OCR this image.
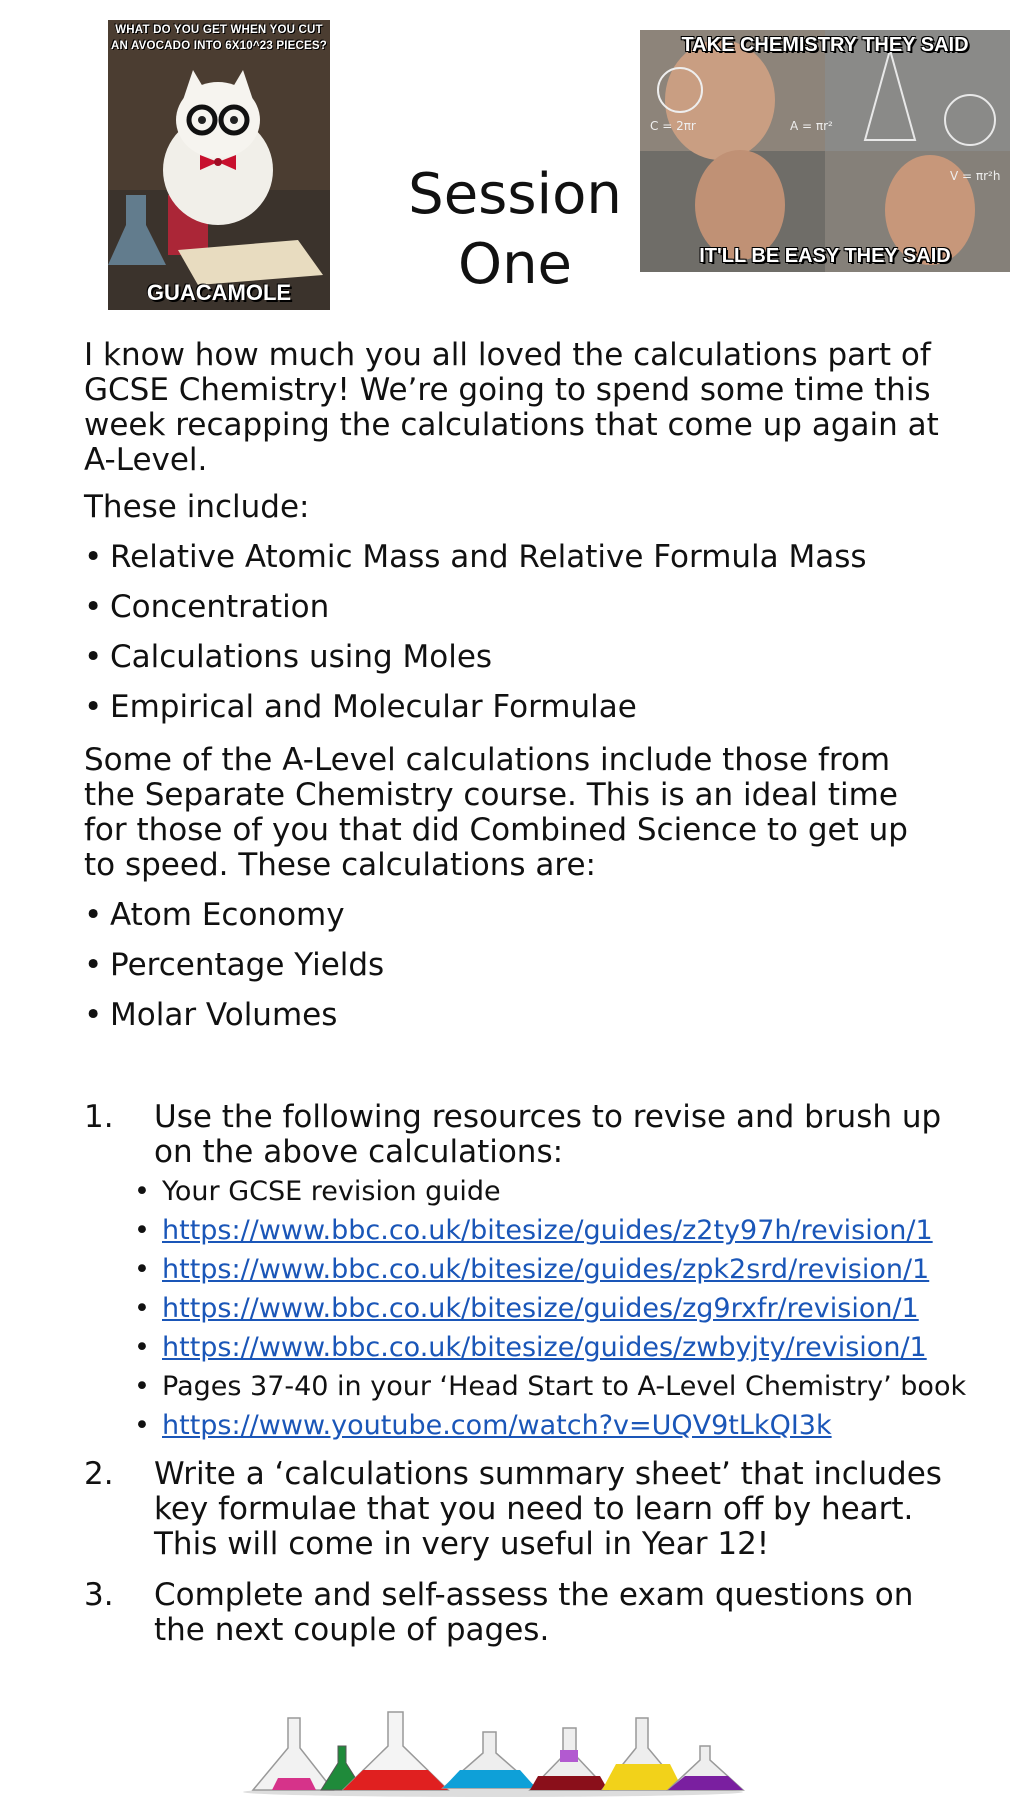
WHAT DO YOU GET WHEN YOU CUT AN AVOCADO INTO 6X10^23 PIECES?
GUACAMOLE
Session
One
A = πr²
C = 2πr
V = πr²h
TAKE CHEMISTRY THEY SAID
IT'LL BE EASY THEY SAID

I know how much you all loved the calculations part of GCSE Chemistry! We’re going to spend some time this week recapping the calculations that come up again at A-Level.

These include:
• Relative Atomic Mass and Relative Formula Mass
• Concentration
• Calculations using Moles
• Empirical and Molecular Formulae

Some of the A-Level calculations include those from the Separate Chemistry course. This is an ideal time for those of you that did Combined Science to get up to speed. These calculations are:

• Atom Economy
• Percentage Yields
• Molar Volumes
1. Use the following resources to revise and brush up on the above calculations:

• Your GCSE revision guide
• https://www.bbc.co.uk/bitesize/guides/z2ty97h/revision/1
• https://www.bbc.co.uk/bitesize/guides/zpk2srd/revision/1
• https://www.bbc.co.uk/bitesize/guides/zg9rxfr/revision/1
• https://www.bbc.co.uk/bitesize/guides/zwbyjty/revision/1
• Pages 37-40 in your ‘Head Start to A-Level Chemistry’ book
• https://www.youtube.com/watch?v=UQV9tLkQI3k
2. Write a ‘calculations summary sheet’ that includes key formulae that you need to learn off by heart. This will come in very useful in Year 12!

3. Complete and self-assess the exam questions on the next couple of pages.
